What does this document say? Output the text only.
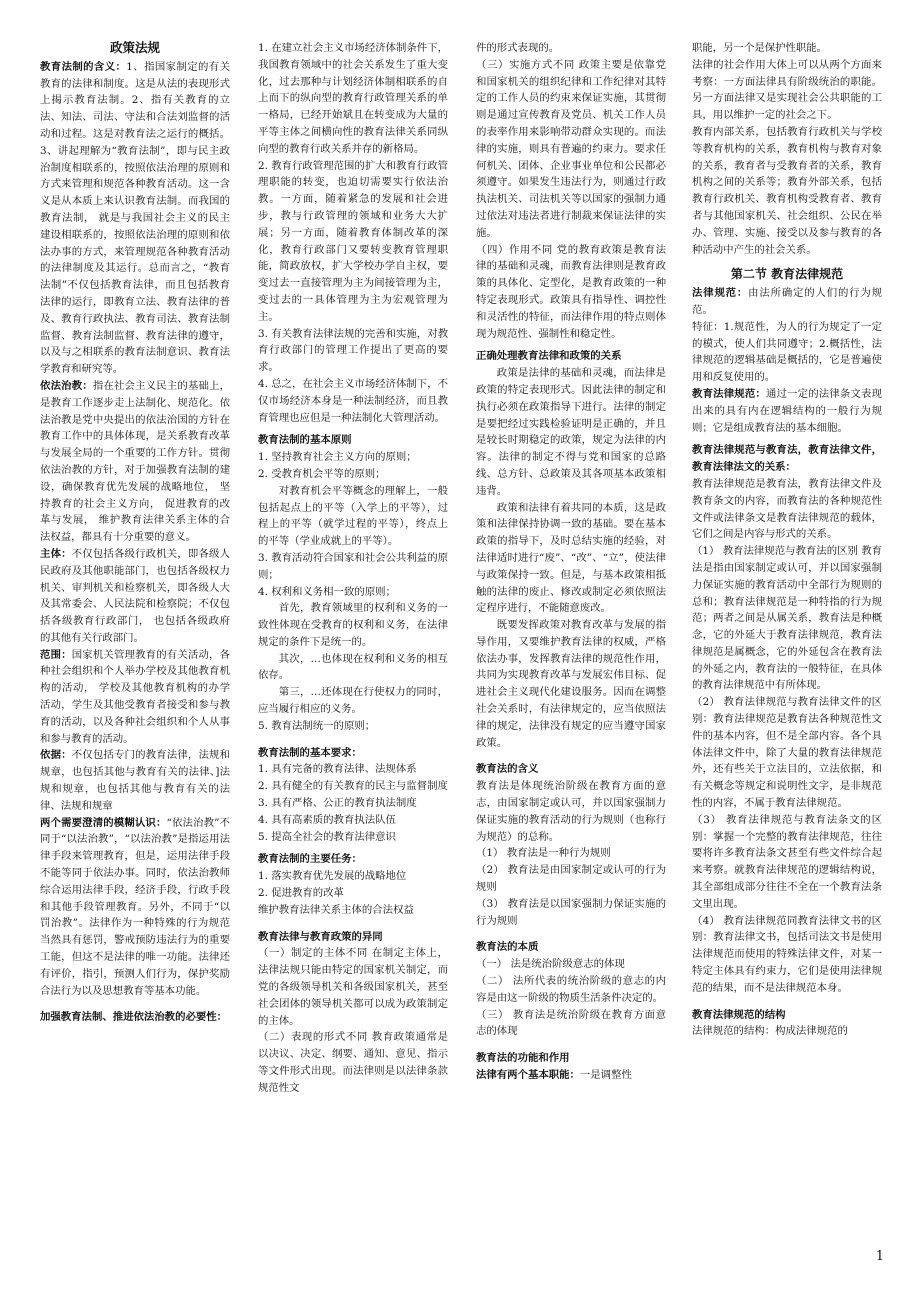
政策法规

教育法制的含义：1、指国家制定的有关教育的法律和制度。这是从法的表现形式上揭示教育法制。2、指有关教育的立法、知法、司法、守法和合法刘监督的活动和过程。这是对教育法之运行的概括。3、讲起理解为“教育法制”，即与民主政治制度相联系的，按照依法治理的原则和方式来管理和规范各种教育活动。这一含义是从本质上来认识教育法制。而我国的教育法制， 就是与我国社会主义的民主建设相联系的，按照依法治理的原则和依法办事的方式，来管理规范各种教育活动的法律制度及其运行。总而言之，“教育法制”不仅包括教育法律，而且包括教育法律的运行，即教育立法、教育法律的普及、教育行政执法、教育司法、教育法制监督、教育法制监督、教育法律的遵守，以及与之相联系的教育法制意识、教育法学教育和研究等。

依法治教：指在社会主义民主的基础上，是教育工作逐步走上法制化、规范化。依法治教是党中央提出的依法治国的方针在教育工作中的具体体现，是关系教育改革与发展全局的一个重要的工作方针。贯彻依法治教的方针，对于加强教育法制的建设，确保教育优先发展的战略地位， 坚持教育的社会主义方向， 促进教育的改革与发展， 维护教育法律关系主体的合法权益，都具有十分重要的意义。

主体：不仅包括各级行政机关，即各级人民政府及其他职能部门，也包括各级权力机关、审判机关和检察机关，即各级人大及其常委会、人民法院和检察院；不仅包括各级教育行政部门， 也包括各级政府的其他有关行政部门。

范围：国家机关管理教育的有关活动，各种社会组织和个人举办学校及其他教育机构的活动， 学校及其他教育机构的办学活动，学生及其他受教育者接受和参与教育的活动，以及各种社会组织和个人从事和参与教育的活动。

依据：不仅包括专门的教育法律，法规和规章，也包括其他与教育有关的法律、]法规和规章，也包括其他与教育有关的法律、法规和规章

两个需要澄清的模糊认识：“依法治教”不同于“以法治教”，“以法治教”是指运用法律手段来管理教育，但是，运用法律手段不能等同于依法办事。同时，依法治教师综合运用法律手段，经济手段，行政手段和其他手段管理教育。另外，不同于“以罚治教”。法律作为一种特殊的行为规范当然具有惩罚，警戒预防违法行为的重要工能，但这不是法律的唯一功能。法律还有评价，指引，预测人们行为，保护奖励合法行为以及思想教育等基本功能。

加强教育法制、推进依法治教的必要性：

1. 在建立社会主义市场经济体制条件下，我国教育领域中的社会关系发生了重大变化，过去那种与计划经济体制相联系的自上而下的纵向型的教育行政管理关系的单一格局，已经开始斌且在转变成为大量的平等主体之间横向性的教育法律关系同纵向型的教育行政关系并存的新格局。

2. 教育行政管理范围的扩大和教育行政管理职能的转变，也迫切需要实行依法治教。一方面，随着紧急的发展和社会进步，教与行政管理的领域和业务大大扩展；另一方面，随着教育体制改革的深化，教育行政部门又要转变教育管理职能，简政放权，扩大学校办学自主权，要变过去一直接管理为主为间接管理为主， 变过去的一具体管理为主为宏观管理为主。

3. 有关教育法律法规的完善和实施，对教育行政部门的管理工作提出了更高的要求。

4. 总之，在社会主义市场经济体制下，不仅市场经济本身是一种法制经济，而且教育管理也应但是一种法制化大管理活动。

教育法制的基本原则

1. 坚持教育社会主义方向的原则；

2. 受教育机会平等的原则；

对教育机会平等概念的理解上，一般包括起点上的平等（入学上的平等），过程上的平等（就学过程的平等），终点上的平等（学业成就上的平等）。

3. 教育活动符合国家和社会公共利益的原则；

4. 权利和义务相一致的原则；

首先，教育领域里的权利和义务的一致性体现在受教育的权利和义务，在法律规定的条件下是统一的。

其次，…也体现在权利和义务的相互依存。

第三，…还体现在行使权力的同时，应当履行相应的义务。

5. 教育法制统一的原则；

教育法制的基本要求：

1. 具有完备的教育法律、法规体系

2. 具有健全的有关教育的民主与监督制度

3. 具有严格、公正的教育执法制度

4. 具有高素质的教育执法队伍

5. 提高全社会的教育法律意识

教育法制的主要任务：

1. 落实教育优先发展的战略地位

2. 促进教育的改革

维护教育法律关系主体的合法权益

教育法律与教育政策的异同

（一）制定的主体不同 在制定主体上，法律法规只能由特定的国家机关制定，而党的各级领导机关和各级国家机关，甚至社会团体的领导机关都可以成为政策制定的主体。

（二）表现的形式不同 教育政策通常是以决议、决定、纲要、通知、意见、指示等文件形式出现。而法律则是以法律条款规范性文

件的形式表现的。

（三）实施方式不同 政策主要是依靠党和国家机关的组织纪律和工作纪律对其特定的工作人员的约束来保证实施，其贯彻则是通过宣传教育及党员、机关工作人员的表率作用来影响带动群众实现的。而法律的实施，则具有普遍的约束力。要求任何机关、团体、企业事业单位和公民都必须遵守。如果发生违法行为，则通过行政执法机关、司法机关等以国家的强制力通过依法对违法者进行制裁来保证法律的实施。

（四）作用不同 党的教育政策是教育法律的基础和灵魂，而教育法律则是教育政策的具体化、定型化，是教育政策的一种特定表现形式。政策具有指导性、调控性和灵活性的特征，而法律作用的特点则体现为规范性、强制性和稳定性。

正确处理教育法律和政策的关系

政策是法律的基础和灵魂，而法律是政策的特定表现形式。因此法律的制定和执行必须在政策指导下进行。法律的制定是要把经过实践检验证明是正确的，并且是较长时期稳定的政策，规定为法律的内容。法律的制定不得与党和国家的总路线、总方针、总政策及其各项基本政策相违背。

政策和法律有着共同的本质，这是政策和法律保持协调一致的基础。要在基本政策的指导下，及时总结实施的经验，对法律适时进行“废”、“改”、“立”，使法律与政策保持一致。但是，与基本政策相抵触的法律的废止、修改或制定必须依照法定程序进行，不能随意废改。

既要发挥政策对教育改革与发展的指导作用，又要维护教育法律的权威，严格依法办事，发挥教育法律的规范性作用，共同为实现教育改革与发展宏伟目标、促进社会主义现代化建设服务。因而在调整社会关系时，有法律规定的，应当依照法律的规定，法律没有规定的应当遵守国家政策。

教育法的含义

教育法是体现统治阶级在教育方面的意志，由国家制定或认可，并以国家强制力保证实施的教育活动的行为规则（也称行为规范）的总称。

（1） 教育法是一种行为规则

（2） 教育法是由国家制定或认可的行为规则

（3） 教育法是以国家强制力保证实施的行为规则

教育法的本质

（一） 法是统治阶级意志的体现

（二） 法所代表的统治阶级的意志的内容是由这一阶级的物质生活条件决定的。

（三） 教育法是统治阶级在教育方面意志的体现

教育法的功能和作用

法律有两个基本职能：一是调整性

职能，另一个是保护性职能。

法律的社会作用大体上可以从两个方面来考察：一方面法律具有阶级统治的职能。另一方面法律又是实现社会公共职能的工具，用以维护一定的社会之下。

教育内部关系，包括教育行政机关与学校等教育机构的关系，教育机构与教育对象的关系，教育者与受教育者的关系，教育机构之间的关系等；教育外部关系，包括教育行政机关、教育机构受教育者、教育者与其他国家机关、社会组织、公民在举办、管理、实施、接受以及参与教育的各种活动中产生的社会关系。

第二节 教育法律规范

法律规范：由法所确定的人们的行为规范。

特征：1.规范性，为人的行为规定了一定的模式，使人们共同遵守；2.概括性，法律规范的逻辑基础是概括的，它是普遍使用和反复使用的。

教育法律规范：通过一定的法律条文表现出来的具有内在逻辑结构的一般行为规则；它是组成教育法的基本细胞。

教育法律规范与教育法，教育法律文件，教育法律法文的关系：

教育法律规范是教育法，教育法律文件及教育条文的内容，而教育法的各种规范性文件或法律条文是教育法律规范的载体，它们之间是内容与形式的关系。

（1） 教育法律规范与教育法的区别 教育法是指由国家制定或认可，并以国家强制力保证实施的教育活动中全部行为规则的总和；教育法律规范是一种特指的行为规范；两者之间是从属关系，教育法是种概念，它的外延大于教育法律规范，教育法律规范是属概念，它的外延包含在教育法的外延之内，教育法的一般特征，在具体的教育法律规范中有所体现。

（2） 教育法律规范与教育法律文件的区别：教育法律规范是教育法各种规范性文件的基本内容，但不是全部内容。各个具体法律文件中，除了大量的教育法律规范外，还有些关于立法目的，立法依据，和有关概念等规定和说明性文字，是非规范性的内容，不属于教育法律规范。

（3） 教育法律规范与教育法条文的区别：掌握一个完整的教育法律规范，往往要将许多教育法条文甚至有些文件综合起来考察。就教育法律规范的逻辑结构说，其全部组成部分往往不全在一个教育法条文里出现。

（4） 教育法律规范同教育法律文书的区别：教育法律文书，包括司法文书是使用法律规范而使用的特殊法律文件，对某一特定主体具有约束力，它们是使用法律规范的结果，而不是法律规范本身。

教育法律规范的结构

法律规范的结构：构成法律规范的

1
